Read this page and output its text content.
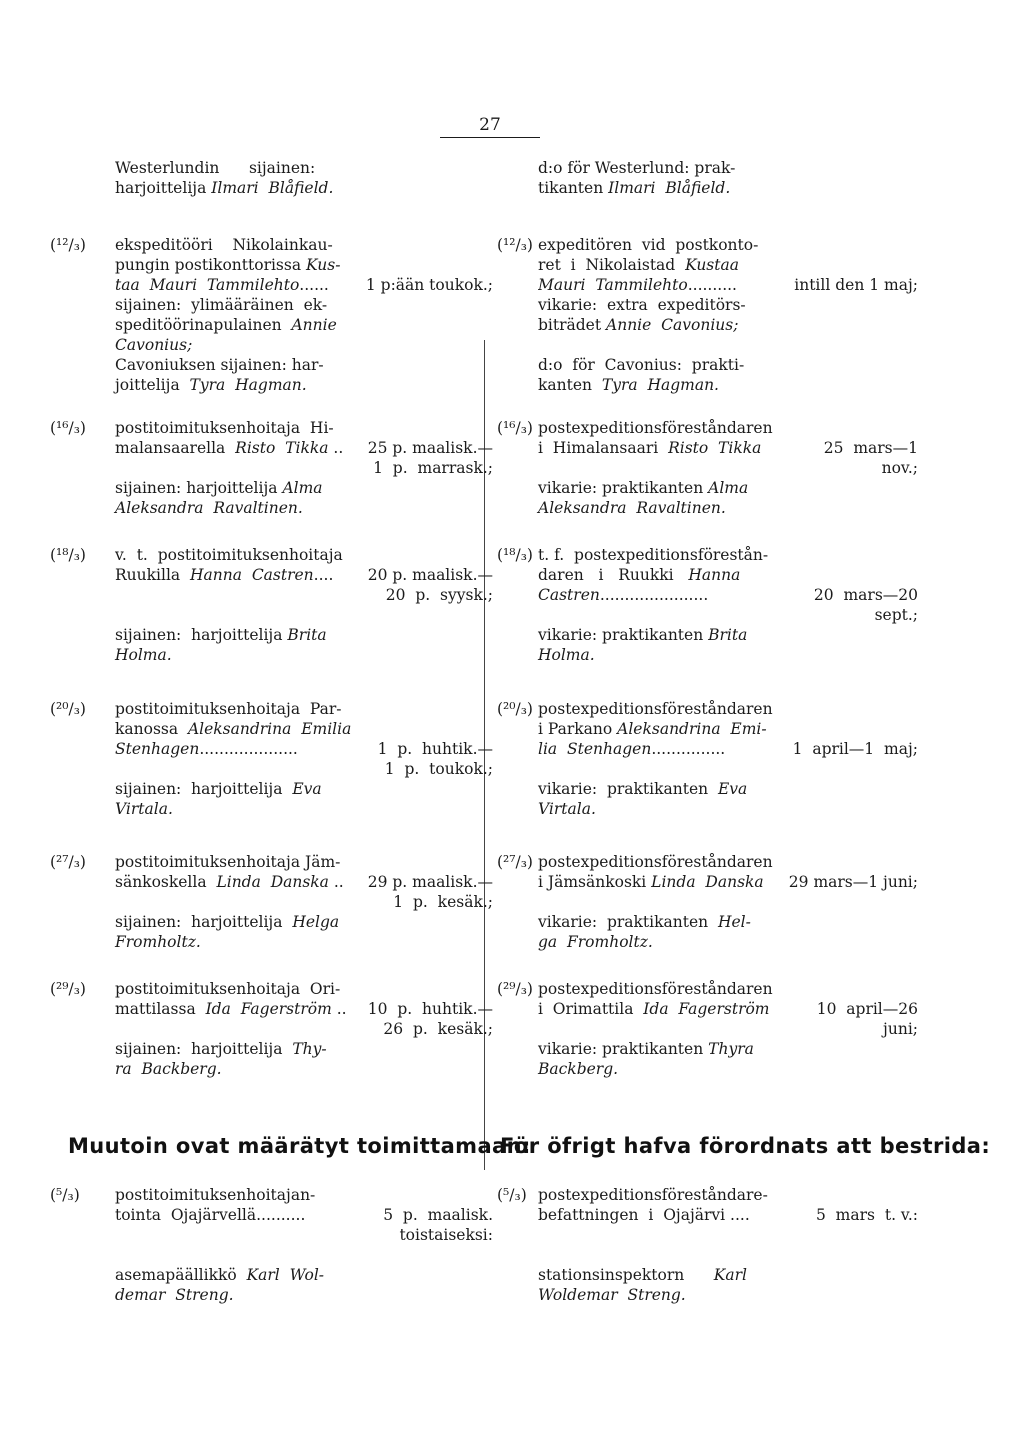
27
Muutoin ovat määrätyt toimittamaan:
För öfrigt hafva förordnats att bestrida:
Westerlundin      sijainen:
harjoittelija Ilmari  Blåfield.
d:o för Westerlund: prak-
tikanten Ilmari  Blåfield.
(¹²/₃) ekspeditööri    Nikolainkau-
pungin postikonttorissa Kus-
taa  Mauri  Tammilehto...... 1 p:ään toukok.;
sijainen:  ylimääräinen  ek-
speditöörinapulainen  Annie
Cavonius;
Cavoniuksen sijainen: har-
joittelija  Tyra  Hagman.
(¹²/₃) expeditören  vid  postkonto-
ret  i  Nikolaistad  Kustaa
Mauri  Tammilehto..........	intill den 1 maj;
vikarie:  extra  expeditörs-
biträdet Annie  Cavonius;
d:o  för  Cavonius:  prakti-
kanten  Tyra  Hagman.
(¹⁶/₃) postitoimituksenhoitaja  Hi-
malansaarella  Risto  Tikka .. 25 p. maalisk.—
1  p.  marrask.;
sijainen: harjoittelija Alma
Aleksandra  Ravaltinen.
(¹⁶/₃) postexpeditionsföreståndaren
i  Himalansaari  Risto  Tikka	25  mars—1
nov.;
vikarie: praktikanten Alma
Aleksandra  Ravaltinen.
(¹⁸/₃) v.  t.  postitoimituksenhoitaja
Ruukilla  Hanna  Castren.... 20 p. maalisk.—
20  p.  syysk.;
sijainen:  harjoittelija Brita
Holma.
(¹⁸/₃) t. f.  postexpeditionsförestån-
daren   i   Ruukki   Hanna
Castren......................	20  mars—20
sept.;
vikarie: praktikanten Brita
Holma.
(²⁰/₃) postitoimituksenhoitaja  Par-
kanossa  Aleksandrina  Emilia
Stenhagen....................	1  p.  huhtik.—
1  p.  toukok.;
sijainen:  harjoittelija  Eva
Virtala.
(²⁰/₃) postexpeditionsföreståndaren
i Parkano Aleksandrina  Emi-
lia  Stenhagen...............	1  april—1  maj;
vikarie:  praktikanten  Eva
Virtala.
(²⁷/₃) postitoimituksenhoitaja Jäm-
sänkoskella  Linda  Danska .. 29 p. maalisk.—
1  p.  kesäk.;
sijainen:  harjoittelija  Helga
Fromholtz.
(²⁷/₃) postexpeditionsföreståndaren
i Jämsänkoski Linda  Danska 29 mars—1 juni;
vikarie:  praktikanten  Hel-
ga  Fromholtz.
(²⁹/₃) postitoimituksenhoitaja  Ori-
mattilassa  Ida  Fagerström .. 10  p.  huhtik.—
26  p.  kesäk.;
sijainen:  harjoittelija  Thy-
ra  Backberg.
(²⁹/₃) postexpeditionsföreståndaren
i  Orimattila  Ida  Fagerström	10  april—26
juni;
vikarie: praktikanten Thyra
Backberg.
(⁵/₃) postitoimituksenhoitajan-
tointa  Ojajärvellä..........	5  p.  maalisk.
toistaiseksi:
asemapäällikkö  Karl  Wol-
demar  Streng.
(⁵/₃) postexpeditionsföreståndare-
befattningen  i  Ojajärvi ....	5  mars  t. v.:
stationsinspektorn      Karl
Woldemar  Streng.
